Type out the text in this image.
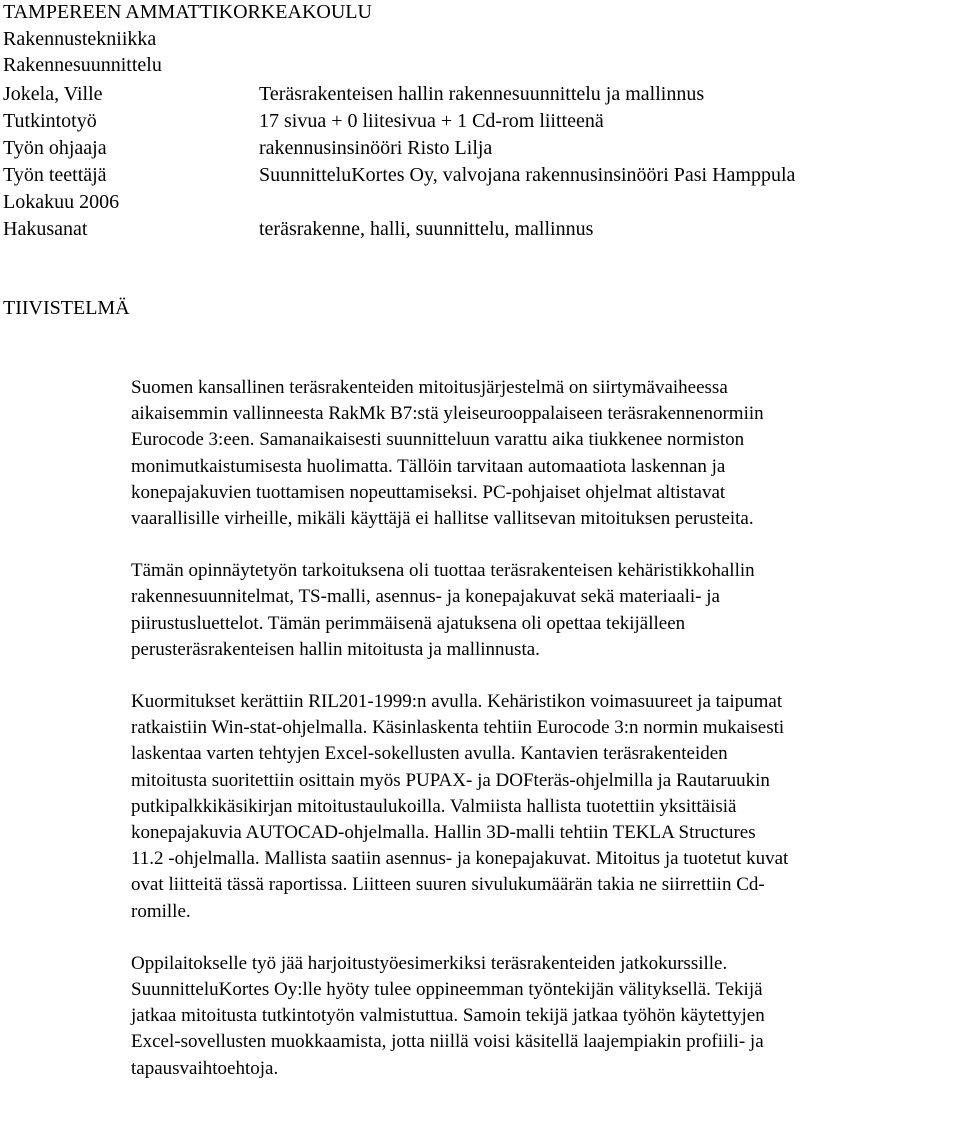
TAMPEREEN AMMATTIKORKEAKOULU
Rakennustekniikka
Rakennesuunnittelu
Jokela, Ville	Teräsrakenteisen hallin rakennesuunnittelu ja mallinnus
Tutkintotyö	17 sivua + 0 liitesivua + 1 Cd-rom liitteenä
Työn ohjaaja	rakennusinsinööri Risto Lilja
Työn teettäjä	SuunnitteluKortes Oy, valvojana rakennusinsinööri Pasi Hamppula
Lokakuu 2006
Hakusanat	teräsrakenne, halli, suunnittelu, mallinnus
TIIVISTELMÄ
Suomen kansallinen teräsrakenteiden mitoitusjärjestelmä on siirtymävaiheessa
aikaisemmin vallinneesta RakMk B7:stä yleiseurooppalaiseen teräsrakennenormiin
Eurocode 3:een. Samanaikaisesti suunnitteluun varattu aika tiukkenee normiston
monimutkaistumisesta huolimatta. Tällöin tarvitaan automaatiota laskennan ja
konepajakuvien tuottamisen nopeuttamiseksi. PC-pohjaiset ohjelmat altistavat
vaarallisille virheille, mikäli käyttäjä ei hallitse vallitsevan mitoituksen perusteita.
Tämän opinnäytetyön tarkoituksena oli tuottaa teräsrakenteisen kehäristikkohallin
rakennesuunnitelmat, TS-malli, asennus- ja konepajakuvat sekä materiaali- ja
piirustusluettelot. Tämän perimmäisenä ajatuksena oli opettaa tekijälleen
perusteräsrakenteisen hallin mitoitusta ja mallinnusta.
Kuormitukset kerättiin RIL201-1999:n avulla. Kehäristikon voimasuureet ja taipumat
ratkaistiin Win-stat-ohjelmalla. Käsinlaskenta tehtiin Eurocode 3:n normin mukaisesti
laskentaa varten tehtyjen Excel-sokellusten avulla. Kantavien teräsrakenteiden
mitoitusta suoritettiin osittain myös PUPAX- ja DOFteräs-ohjelmilla ja Rautaruukin
putkipalkkikäsikirjan mitoitustaulukoilla. Valmiista hallista tuotettiin yksittäisiä
konepajakuvia AUTOCAD-ohjelmalla. Hallin 3D-malli tehtiin TEKLA Structures
11.2 -ohjelmalla. Mallista saatiin asennus- ja konepajakuvat. Mitoitus ja tuotetut kuvat
ovat liitteitä tässä raportissa. Liitteen suuren sivulukumäärän takia ne siirrettiin Cd-
romille.
Oppilaitokselle työ jää harjoitustyöesimerkiksi teräsrakenteiden jatkokurssille.
SuunnitteluKortes Oy:lle hyöty tulee oppineemman työntekijän välityksellä. Tekijä
jatkaa mitoitusta tutkintotyön valmistuttua. Samoin tekijä jatkaa työhön käytettyjen
Excel-sovellusten muokkaamista, jotta niillä voisi käsitellä laajempiakin profiili- ja
tapausvaihtoehtoja.
